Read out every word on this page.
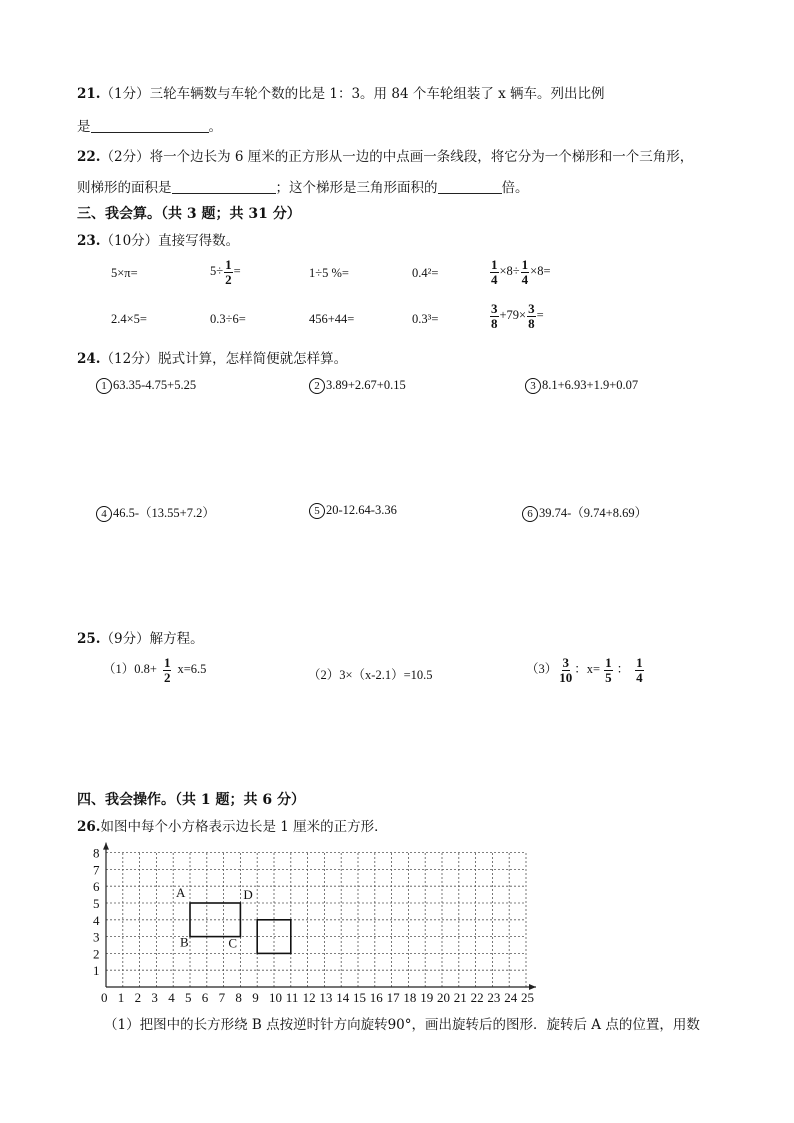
21.（1分）三轮车辆数与车轮个数的比是 1：3。用 84 个车轮组装了 x 辆车。列出比例
是	。
22.（2分）将一个边长为 6 厘米的正方形从一边的中点画一条线段，将它分为一个梯形和一个三角形，
则梯形的面积是	；这个梯形是三角形面积的	倍。
三、我会算。（共 3 题；共 31 分）
23.（10分）直接写得数。
5×π=	$5\div \frac{1}{2}$ =	1÷5 %=	0.4²=	$\frac{1}{4} \times 8\div \frac{1}{4} \times 8=$
2.4×5=	0.3÷6=	456+44=	0.3³=	$\frac{3}{8} +79\times \frac{3}{8}$ =
24.（12分）脱式计算，怎样简便就怎样算。
1 63.35-4.75+5.25	2 3.89+2.67+0.15	3 8.1+6.93+1.9+0.07
4 46.5-（13.55+7.2）	5 20-12.64-3.36	6 39.74-（9.74+8.69）
25.（9分）解方程。
$(1)0.8+ \frac{1}{2} x=6.5$	（2）3×（x-2.1）=10.5	$(3) \frac{3}{10}$ ：$x= \frac{1}{5}$ ： $\frac{1}{4}$
四、我会操作。（共 1 题；共 6 分）
26.如图中每个小方格表示边长是 1 厘米的正方形．
0 1 2 3 4 5 6 7 8 9 10 11 12 13 14 15 16 17 18 19 20 21 22 23 24 25
1
2
3
4
5
6
7
8
A	D
B	C
（1）把图中的长方形绕 B 点按逆时针方向旋转90°，画出旋转后的图形．旋转后 A 点的位置，用数
